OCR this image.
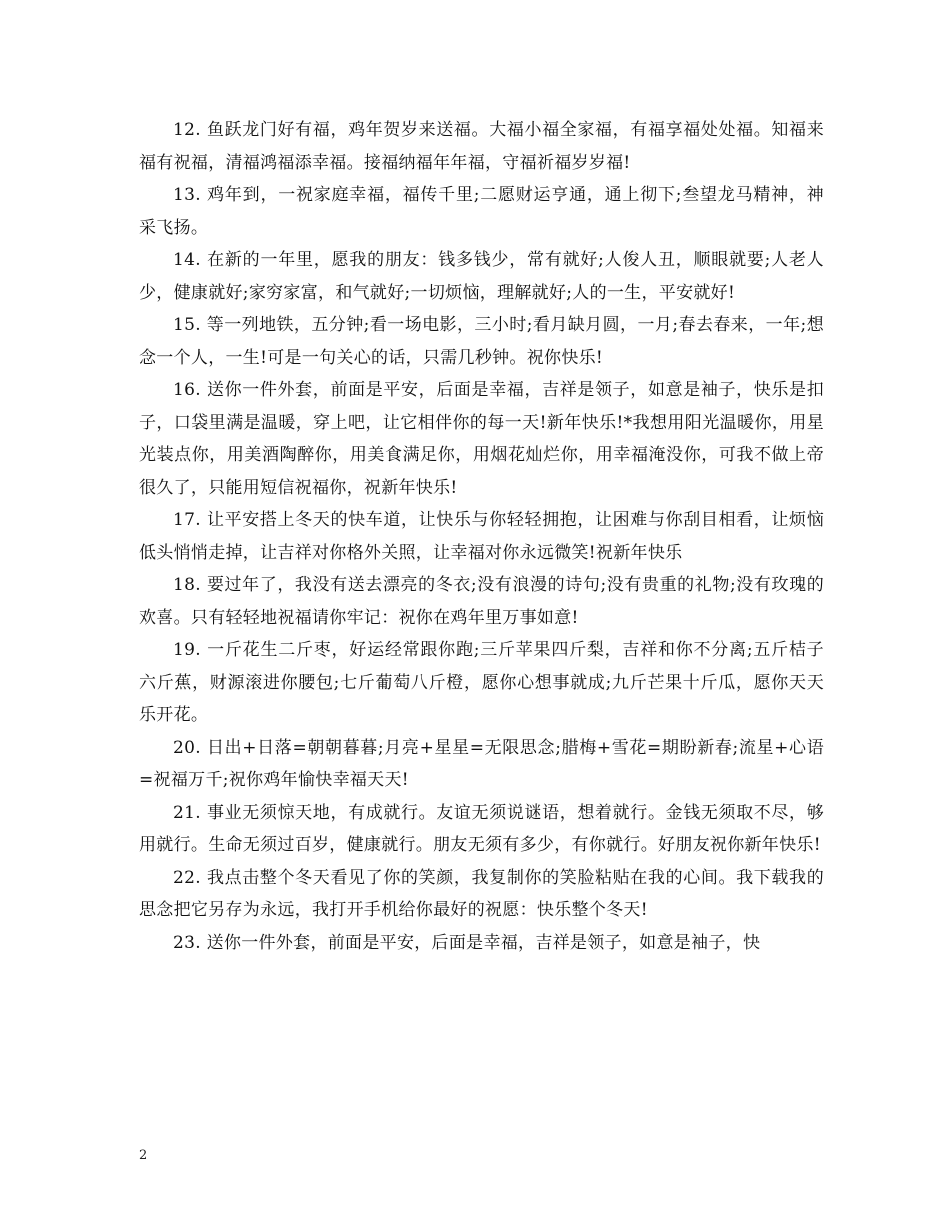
12. 鱼跃龙门好有福，鸡年贺岁来送福。大福小福全家福，有福享福处处福。知福来福有祝福，清福鸿福添幸福。接福纳福年年福，守福祈福岁岁福!

13. 鸡年到，一祝家庭幸福，福传千里;二愿财运亨通，通上彻下;叁望龙马精神，神采飞扬。

14. 在新的一年里，愿我的朋友：钱多钱少，常有就好;人俊人丑，顺眼就要;人老人少，健康就好;家穷家富，和气就好;一切烦恼，理解就好;人的一生，平安就好!

15. 等一列地铁，五分钟;看一场电影，三小时;看月缺月圆，一月;春去春来，一年;想念一个人，一生!可是一句关心的话，只需几秒钟。祝你快乐!

16. 送你一件外套，前面是平安，后面是幸福，吉祥是领子，如意是袖子，快乐是扣子，口袋里满是温暖，穿上吧，让它相伴你的每一天!新年快乐!*我想用阳光温暖你，用星光装点你，用美酒陶醉你，用美食满足你，用烟花灿烂你，用幸福淹没你，可我不做上帝很久了，只能用短信祝福你，祝新年快乐!

17. 让平安搭上冬天的快车道，让快乐与你轻轻拥抱，让困难与你刮目相看，让烦恼低头悄悄走掉，让吉祥对你格外关照，让幸福对你永远微笑!祝新年快乐

18. 要过年了，我没有送去漂亮的冬衣;没有浪漫的诗句;没有贵重的礼物;没有玫瑰的欢喜。只有轻轻地祝福请你牢记：祝你在鸡年里万事如意!

19. 一斤花生二斤枣，好运经常跟你跑;三斤苹果四斤梨，吉祥和你不分离;五斤桔子六斤蕉，财源滚进你腰包;七斤葡萄八斤橙，愿你心想事就成;九斤芒果十斤瓜，愿你天天乐开花。

20. 日出+日落=朝朝暮暮;月亮+星星=无限思念;腊梅+雪花=期盼新春;流星+心语=祝福万千;祝你鸡年愉快幸福天天!

21. 事业无须惊天地，有成就行。友谊无须说谜语，想着就行。金钱无须取不尽，够用就行。生命无须过百岁，健康就行。朋友无须有多少，有你就行。好朋友祝你新年快乐!

22. 我点击整个冬天看见了你的笑颜，我复制你的笑脸粘贴在我的心间。我下载我的思念把它另存为永远，我打开手机给你最好的祝愿：快乐整个冬天!

23. 送你一件外套，前面是平安，后面是幸福，吉祥是领子，如意是袖子，快

2
